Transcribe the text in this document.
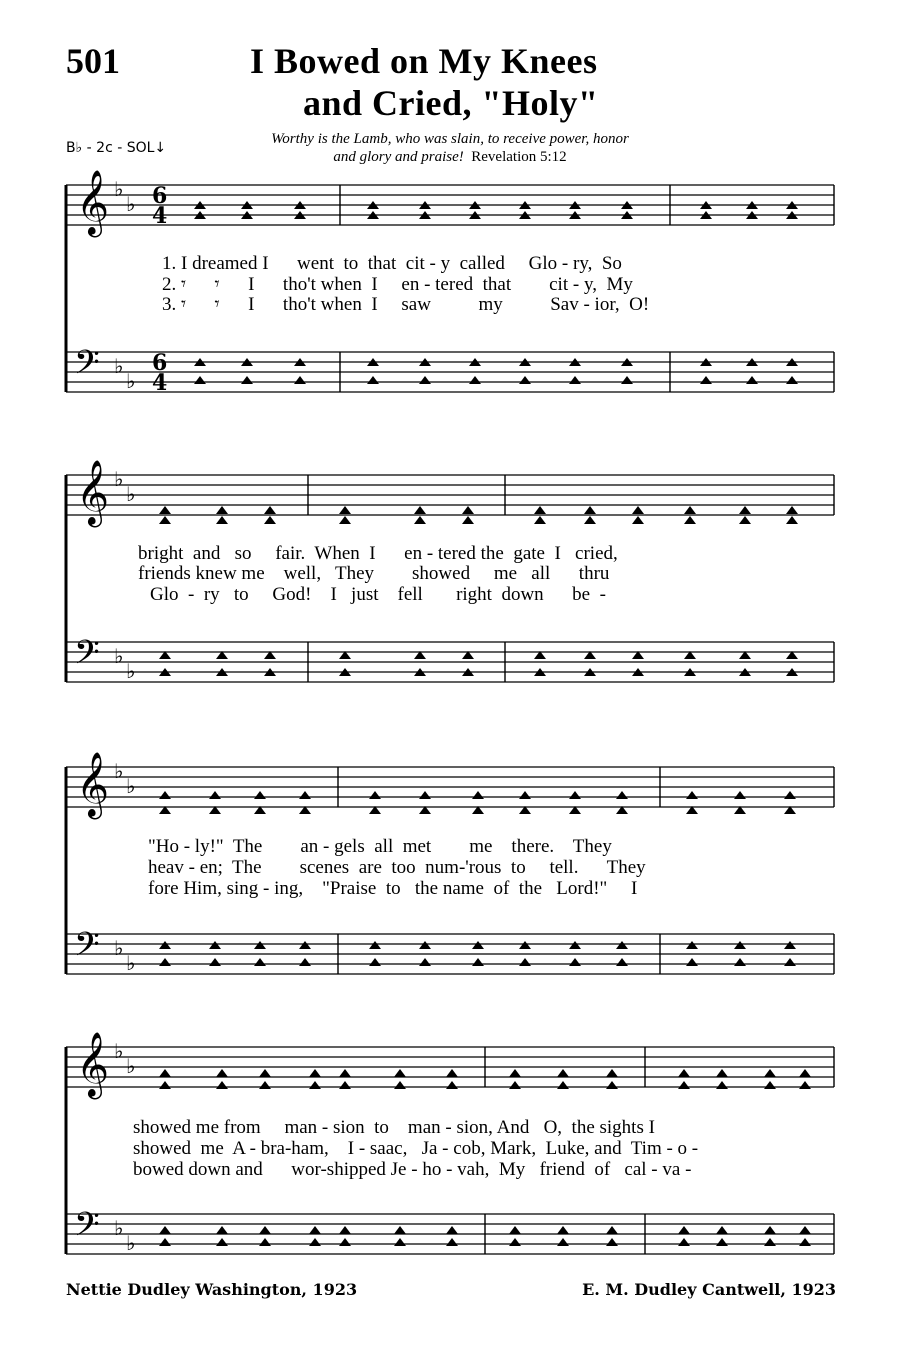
501	I Bowed on My Knees
and Cried, "Holy"
B♭ - 2c - SOL↓
Worthy is the Lamb, who was slain, to receive power, honor
and glory and praise! Revelation 5:12
𝄞 ♭
♭ 6
4
𝄢 ♭
♭
6
4
𝄞 ♭
♭
𝄢 ♭
♭
𝄞 ♭
♭
𝄢 ♭
♭
𝄞 ♭
♭
𝄢 ♭
♭
1. I dreamed I      went  to  that  cit - y  called     Glo - ry,  So
2. 𝄾      𝄾      I      tho't when  I     en - tered  that        cit - y,  My
3. 𝄾      𝄾      I      tho't when  I     saw          my          Sav - ior,  O!
bright  and   so     fair.  When  I      en - tered the  gate  I   cried,
friends knew me    well,   They        showed     me   all      thru
Glo  -  ry   to     God!    I   just    fell       right  down      be  -
"Ho - ly!"  The        an - gels  all  met        me    there.    They
heav - en;  The        scenes  are  too  num-'rous  to     tell.      They
fore Him, sing - ing,    "Praise  to   the name  of  the   Lord!"     I
showed me from     man - sion  to    man - sion, And   O,  the sights I
showed  me  A - bra-ham,    I - saac,   Ja - cob, Mark,  Luke, and  Tim - o -
bowed down and      wor-shipped Je - ho - vah,  My   friend  of   cal - va -
Nettie Dudley Washington, 1923	E. M. Dudley Cantwell, 1923
